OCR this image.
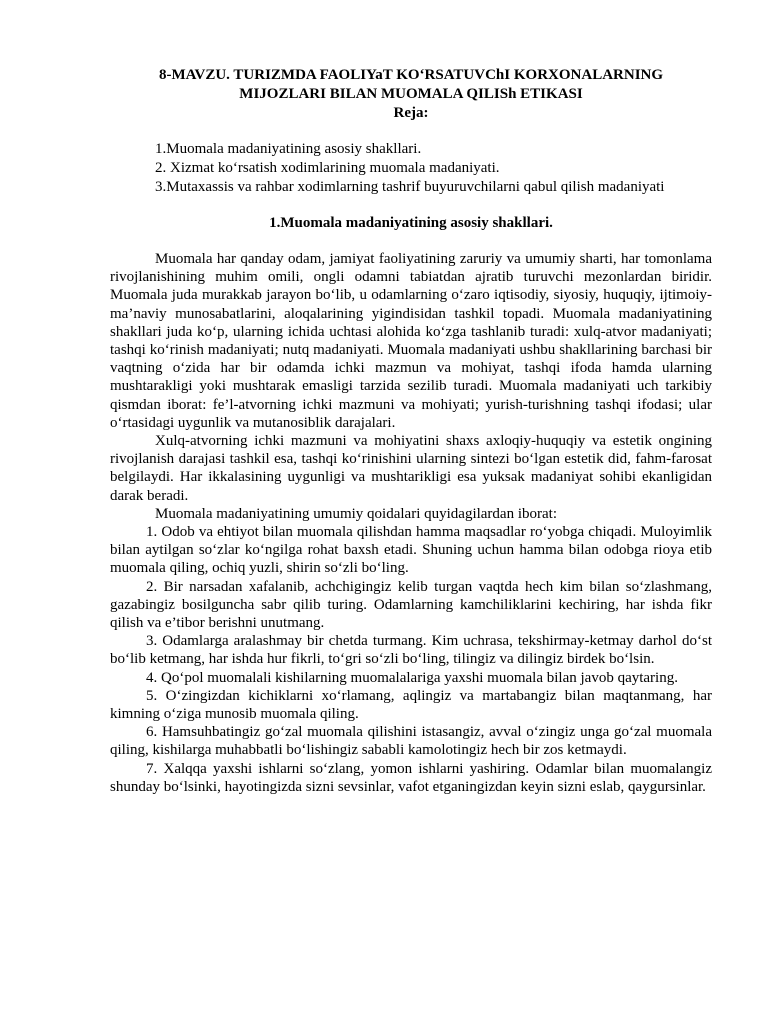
8-MAVZU. TURIZMDA FAOLIYaT KO‘RSATUVChI KORXONALARNING
MIJOZLARI BILAN MUOMALA QILISh ETIKASI

Reja:

1.Muomala madaniyatining asosiy shakllari.

2. Xizmat ko‘rsatish xodimlarining muomala madaniyati.

3.Mutaxassis va rahbar xodimlarning tashrif buyuruvchilarni qabul qilish madaniyati

1.Muomala madaniyatining asosiy shakllari.

Muomala har qanday odam, jamiyat faoliyatining zaruriy va umumiy sharti, har tomonlama rivojlanishining muhim omili, ongli odamni tabiatdan ajratib turuvchi mezonlardan biridir. Muomala juda murakkab jarayon bo‘lib, u odamlarning o‘zaro iqtisodiy, siyosiy, huquqiy, ijtimoiy-ma’naviy munosabatlarini, aloqalarining yigindisidan tashkil topadi. Muomala madaniyatining shakllari juda ko‘p, ularning ichida uchtasi alohida ko‘zga tashlanib turadi: xulq-atvor madaniyati; tashqi ko‘rinish madaniyati; nutq madaniyati. Muomala madaniyati ushbu shakllarining barchasi bir vaqtning o‘zida har bir odamda ichki mazmun va mohiyat, tashqi ifoda hamda ularning mushtarakligi yoki mushtarak emasligi tarzida sezilib turadi. Muomala madaniyati uch tarkibiy qismdan iborat: fe’l-atvorning ichki mazmuni va mohiyati; yurish-turishning tashqi ifodasi; ular o‘rtasidagi uygunlik va mutanosiblik darajalari.

Xulq-atvorning ichki mazmuni va mohiyatini shaxs axloqiy-huquqiy va estetik ongining rivojlanish darajasi tashkil esa, tashqi ko‘rinishini ularning sintezi bo‘lgan estetik did, fahm-farosat belgilaydi. Har ikkalasining uygunligi va mushtarikligi esa yuksak madaniyat sohibi ekanligidan darak beradi.

Muomala madaniyatining umumiy qoidalari quyidagilardan iborat:

1. Odob va ehtiyot bilan muomala qilishdan hamma maqsadlar ro‘yobga chiqadi. Muloyimlik bilan aytilgan so‘zlar ko‘ngilga rohat baxsh etadi. Shuning uchun hamma bilan odobga rioya etib muomala qiling, ochiq yuzli, shirin so‘zli bo‘ling.

2. Bir narsadan xafalanib, achchigingiz kelib turgan vaqtda hech kim bilan so‘zlashmang, gazabingiz bosilguncha sabr qilib turing. Odamlarning kamchiliklarini kechiring, har ishda fikr qilish va e’tibor berishni unutmang.

3. Odamlarga aralashmay bir chetda turmang. Kim uchrasa, tekshirmay-ketmay darhol do‘st bo‘lib ketmang, har ishda hur fikrli, to‘gri so‘zli bo‘ling, tilingiz va dilingiz birdek bo‘lsin.

4. Qo‘pol muomalali kishilarning muomalalariga yaxshi muomala bilan javob qaytaring.

5. O‘zingizdan kichiklarni xo‘rlamang, aqlingiz va martabangiz bilan maqtanmang, har kimning o‘ziga munosib muomala qiling.

6. Hamsuhbatingiz go‘zal muomala qilishini istasangiz, avval o‘zingiz unga go‘zal muomala qiling, kishilarga muhabbatli bo‘lishingiz sababli kamolotingiz hech bir zos ketmaydi.

7. Xalqqa yaxshi ishlarni so‘zlang, yomon ishlarni yashiring. Odamlar bilan muomalangiz shunday bo‘lsinki, hayotingizda sizni sevsinlar, vafot etganingizdan keyin sizni eslab, qaygursinlar.
